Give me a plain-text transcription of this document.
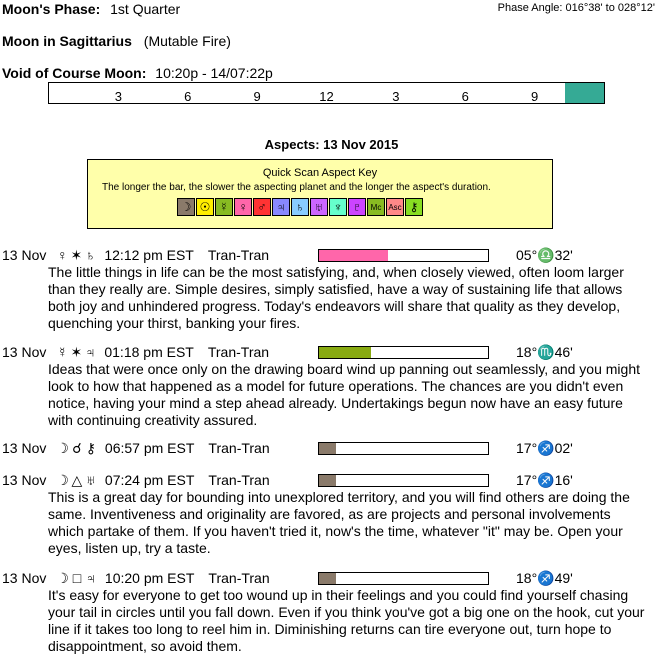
Moon's Phase: 1st Quarter	Phase Angle: 016°38' to 028°12'
Moon in Sagittarius (Mutable Fire)
Void of Course Moon: 10:20p - 14/07:22p
3	6	9	12	3	6	9
Aspects: 13 Nov 2015
Quick Scan Aspect Key
The longer the bar, the slower the aspecting planet and the longer the aspect's duration.
☽ ☉ ☿ ♀ ♂ ♃ ♄ ♅ ♆ ♇	Mc Asc ⚷
13 Nov ♀ ✶ ♄ 12:12 pm EST Tran-Tran	05°♎32'
The little things in life can be the most satisfying, and, when closely viewed, often loom larger than they really are. Simple desires, simply satisfied, have a way of sustaining life that allows both joy and unhindered progress. Today's endeavors will share that quality as they develop, quenching your thirst, banking your fires.
13 Nov ☿ ✶ ♃ 01:18 pm EST Tran-Tran	18°♏46'
Ideas that were once only on the drawing board wind up panning out seamlessly, and you might look to how that happened as a model for future operations. The chances are you didn't even notice, having your mind a step ahead already. Undertakings begun now have an easy future with continuing creativity assured.
13 Nov ☽ ☌ ⚷ 06:57 pm EST Tran-Tran	17°♐02'
13 Nov ☽ △ ♅ 07:24 pm EST Tran-Tran	17°♐16'
This is a great day for bounding into unexplored territory, and you will find others are doing the same. Inventiveness and originality are favored, as are projects and personal involvements which partake of them. If you haven't tried it, now's the time, whatever "it" may be. Open your eyes, listen up, try a taste.
13 Nov ☽ □ ♃ 10:20 pm EST Tran-Tran	18°♐49'
It's easy for everyone to get too wound up in their feelings and you could find yourself chasing your tail in circles until you fall down. Even if you think you've got a big one on the hook, cut your line if it takes too long to reel him in. Diminishing returns can tire everyone out, turn hope to disappointment, so avoid them.
